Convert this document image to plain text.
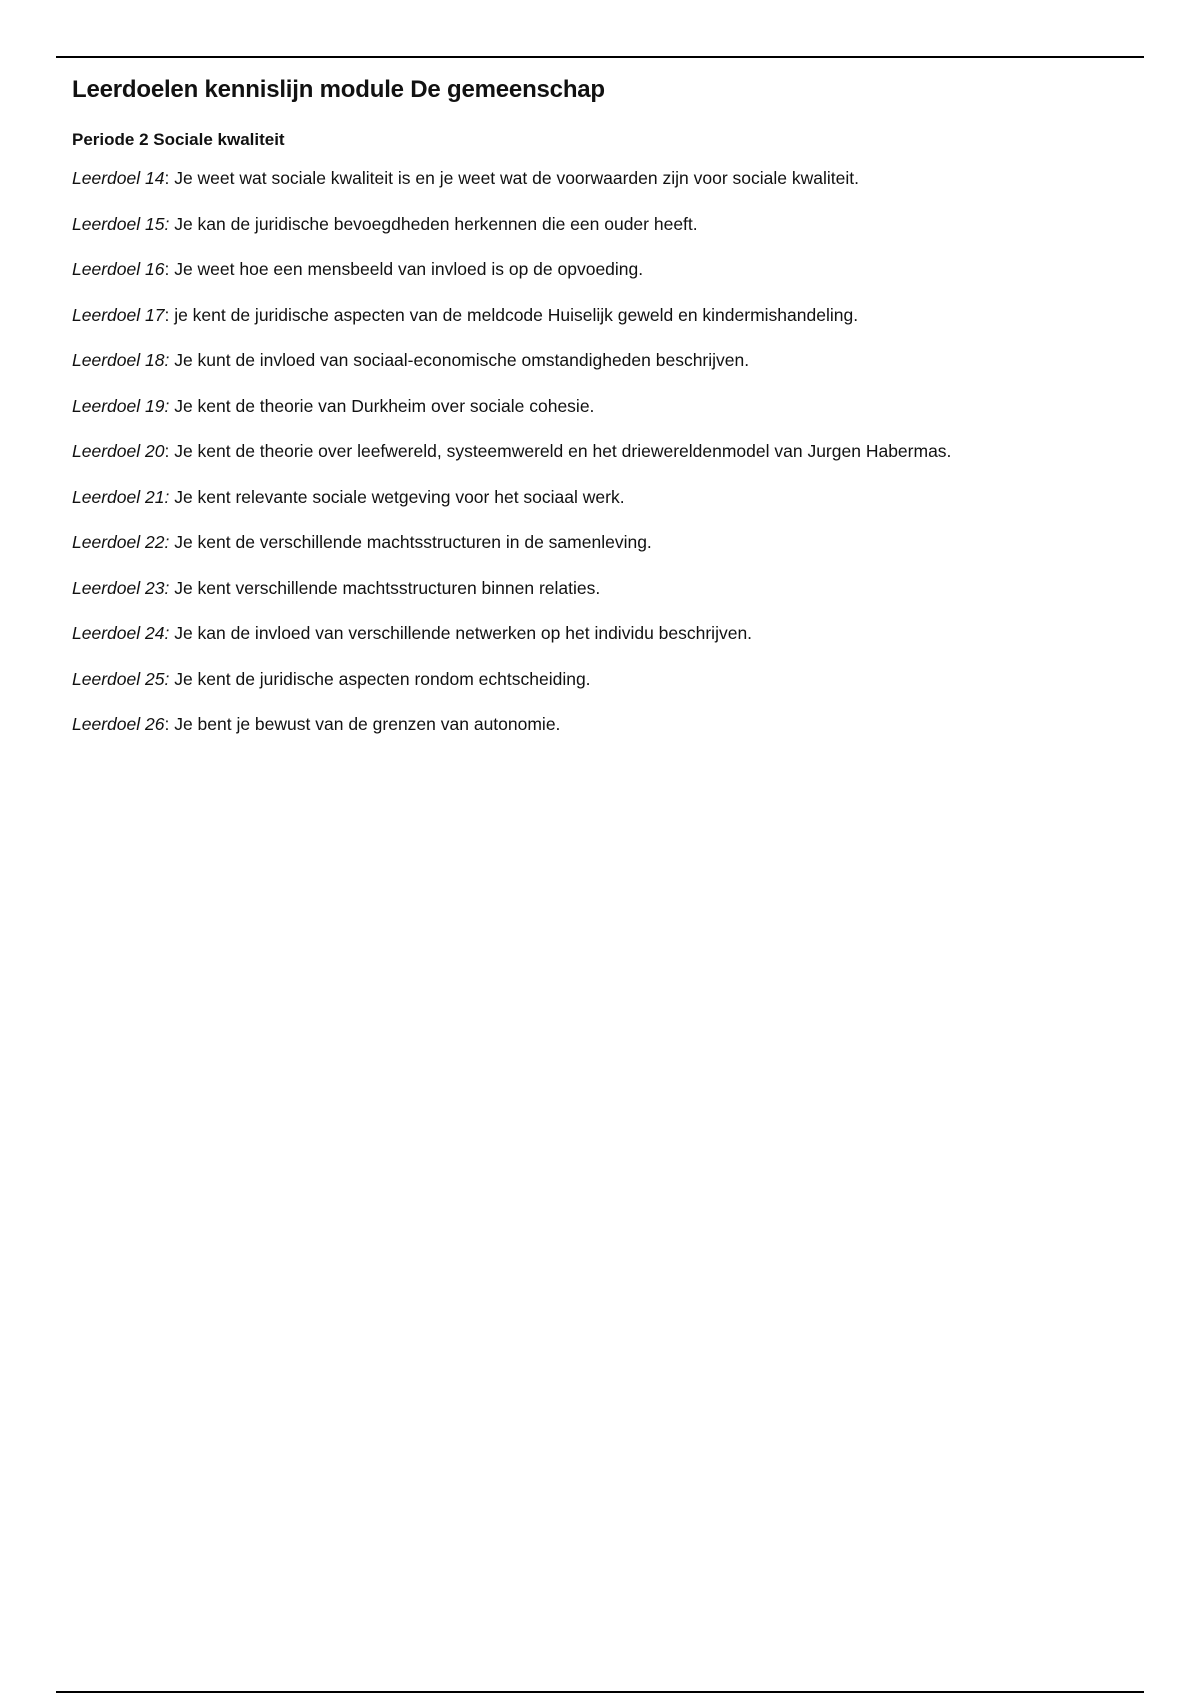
Leerdoelen kennislijn module De gemeenschap
Periode 2 Sociale kwaliteit
Leerdoel 14: Je weet wat sociale kwaliteit is en je weet wat de voorwaarden zijn voor sociale kwaliteit.
Leerdoel 15: Je kan de juridische bevoegdheden herkennen die een ouder heeft.
Leerdoel 16: Je weet hoe een mensbeeld van invloed is op de opvoeding.
Leerdoel 17: je kent de juridische aspecten van de meldcode Huiselijk geweld en kindermishandeling.
Leerdoel 18: Je kunt de invloed van sociaal-economische omstandigheden beschrijven.
Leerdoel 19: Je kent de theorie van Durkheim over sociale cohesie.
Leerdoel 20: Je kent de theorie over leefwereld, systeemwereld en het driewereldenmodel van Jurgen Habermas.
Leerdoel 21: Je kent relevante sociale wetgeving voor het sociaal werk.
Leerdoel 22: Je kent de verschillende machtsstructuren in de samenleving.
Leerdoel 23: Je kent verschillende machtsstructuren binnen relaties.
Leerdoel 24: Je kan de invloed van verschillende netwerken op het individu beschrijven.
Leerdoel 25: Je kent de juridische aspecten rondom echtscheiding.
Leerdoel 26: Je bent je bewust van de grenzen van autonomie.
